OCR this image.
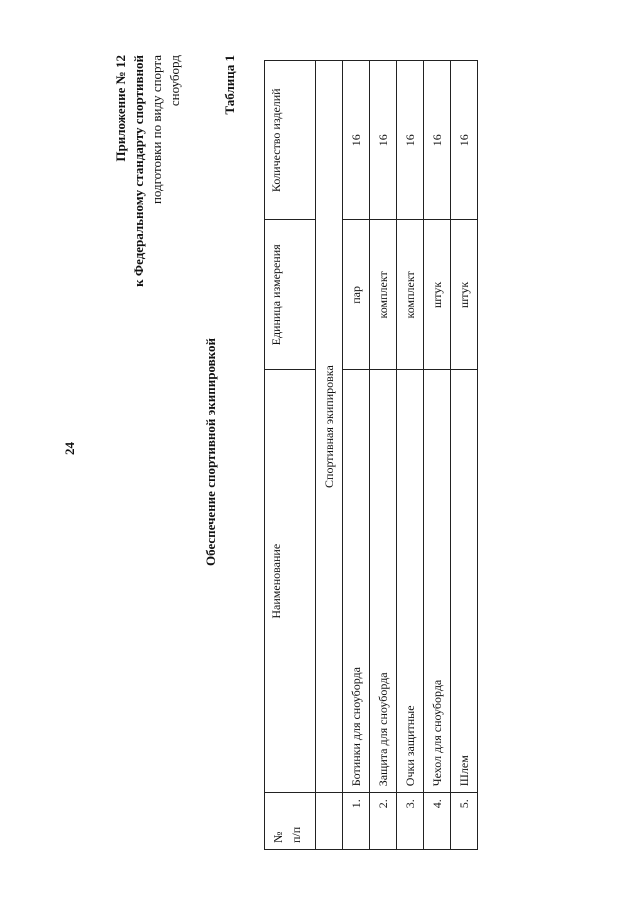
24
Приложение № 12 к Федеральному стандарту спортивной подготовки по виду спорта сноуборд	Таблица 1
Обеспечение спортивной экипировкой
№ п/п	Наименование	Единица измерения	Количество изделий
	Спортивная экипировка		
1.	Ботинки для сноуборда	пар	16
2.	Защита для сноуборда	комплект	16
3.	Очки защитные	комплект	16
4.	Чехол для сноуборда	штук	16
5.	Шлем	штук	16
